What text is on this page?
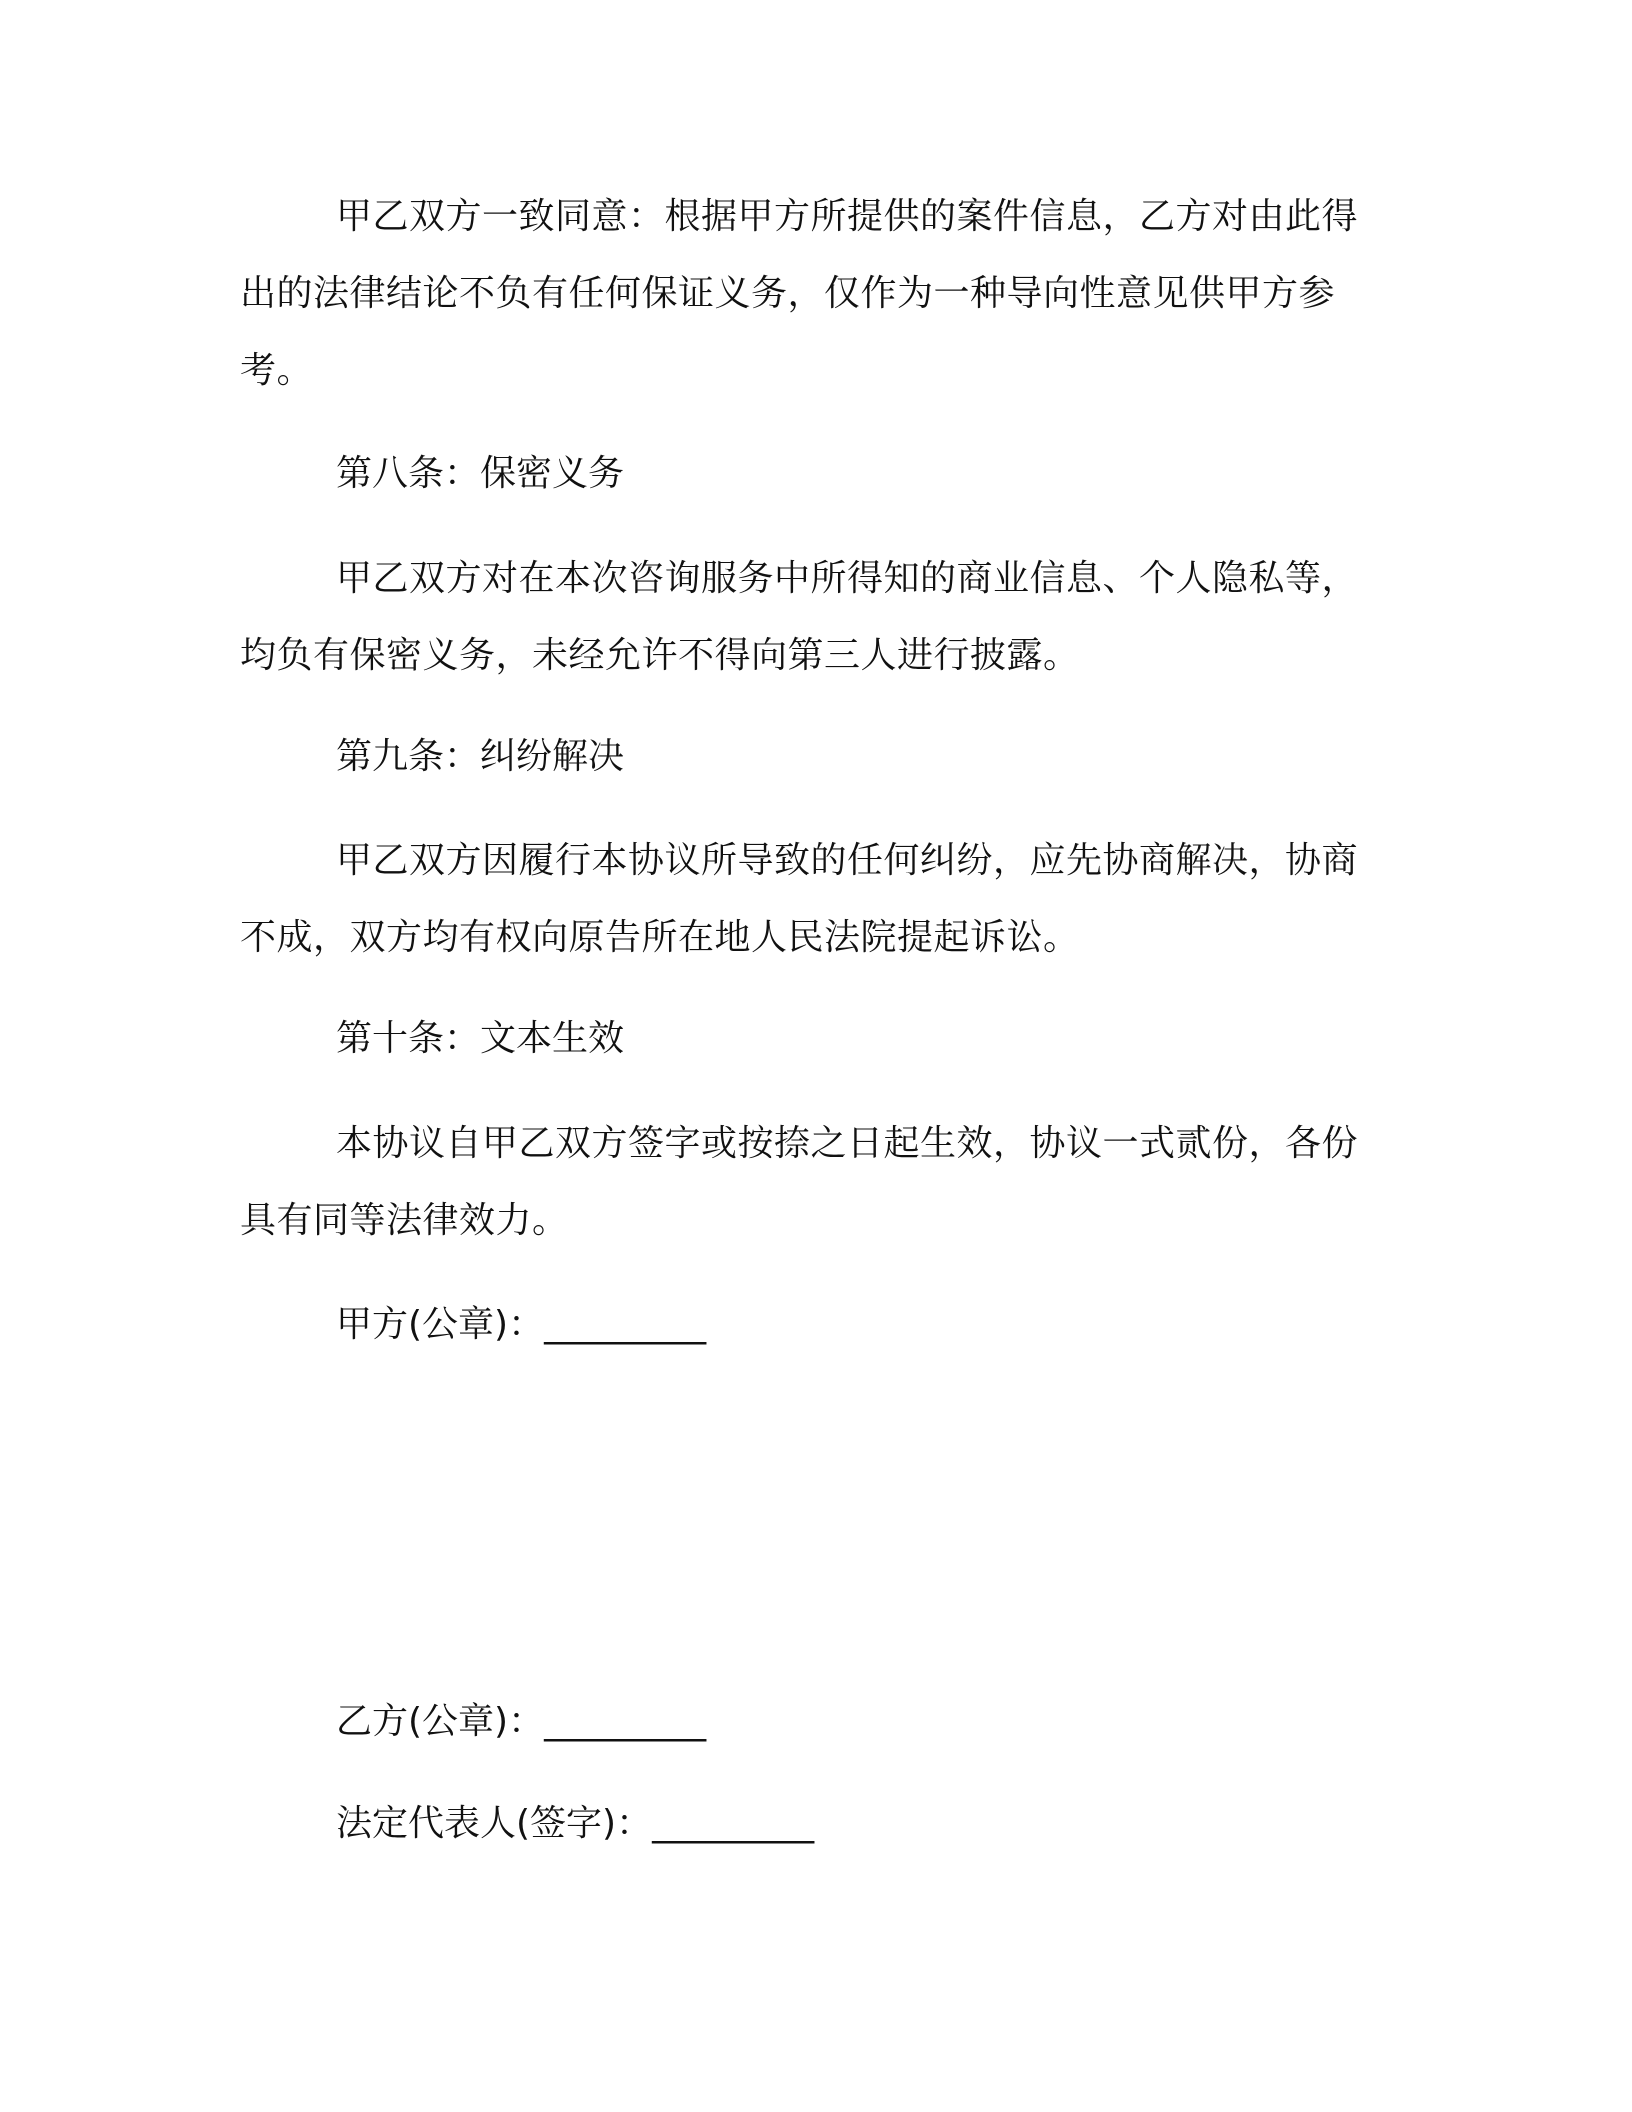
甲乙双方一致同意：根据甲方所提供的案件信息，乙方对由此得出的法律结论不负有任何保证义务，仅作为一种导向性意见供甲方参考。

第八条：保密义务

甲乙双方对在本次咨询服务中所得知的商业信息、个人隐私等，均负有保密义务，未经允许不得向第三人进行披露。

第九条：纠纷解决

甲乙双方因履行本协议所导致的任何纠纷，应先协商解决，协商不成，双方均有权向原告所在地人民法院提起诉讼。

第十条：文本生效

本协议自甲乙双方签字或按捺之日起生效，协议一式贰份，各份具有同等法律效力。

甲方(公章)：_________

乙方(公章)：_________

法定代表人(签字)：_________
